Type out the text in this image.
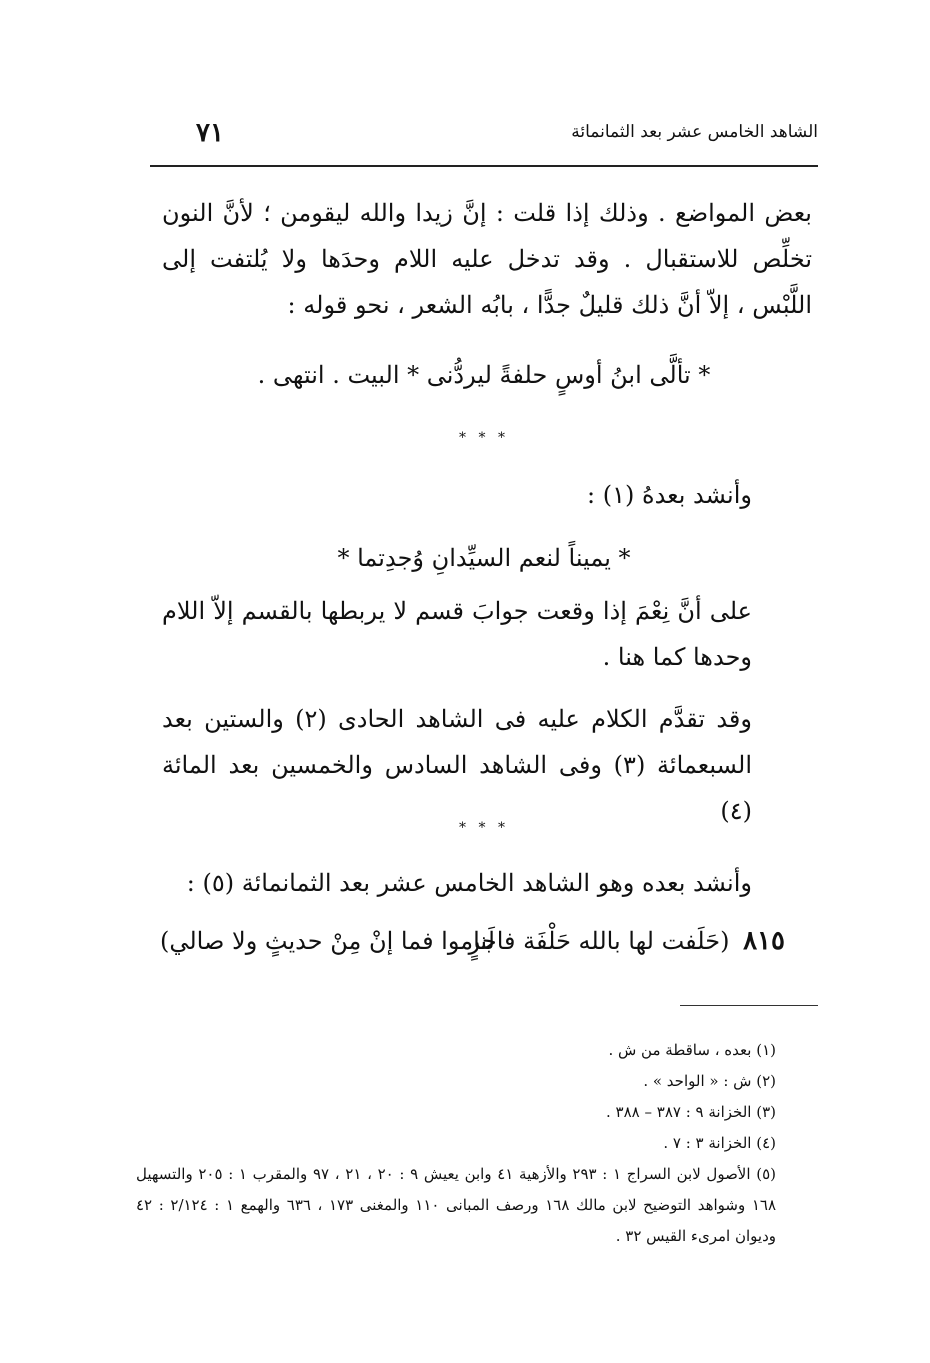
الشاهد الخامس عشر بعد الثمانمائة
٧١
بعض المواضع . وذلك إذا قلت : إنَّ زيدا والله ليقومن ؛ لأنَّ النون تخلِّص للاستقبال . وقد تدخل عليه اللام وحدَها ولا يُلتفت إلى اللَّبْس ، إلاّ أنَّ ذلك قليلٌ جدًّا ، بابُه الشعر ، نحو قوله :
* تألَّى ابنُ أوسٍ حلفةً ليردُّنى * البيت . انتهى .
* * *
وأنشد بعدهُ (١) :
* يميناً لنعم السيِّدانِ وُجدِتما *
على أنَّ نِعْمَ إذا وقعت جوابَ قسم لا يربطها بالقسم إلاّ اللام وحدها كما هنا .
وقد تقدَّم الكلام عليه فى الشاهد الحادى (٢) والستين بعد السبعمائة (٣) وفى الشاهد السادس والخمسين بعد المائة (٤)
* * *
وأنشد بعده وهو الشاهد الخامس عشر بعد الثمانمائة (٥) :
٨١٥ (حَلَفت لها بالله حَلْفَة فاجرٍ
لَناموا فما إنْ مِنْ حديثٍ ولا صالي)
(١) بعده ، ساقطة من ش .
(٢) ش : « الواحد » .
(٣) الخزانة ٩ : ٣٨٧ – ٣٨٨ .
(٤) الخزانة ٣ : ٧ .
(٥) الأصول لابن السراج ١ : ٢٩٣ والأزهية ٤١ وابن يعيش ٩ : ٢٠ ، ٢١ ، ٩٧ والمقرب ١ : ٢٠٥ والتسهيل ١٦٨ وشواهد التوضيح لابن مالك ١٦٨ ورصف المبانى ١١٠ والمغنى ١٧٣ ، ٦٣٦ والهمع ١ : ٢/١٢٤ : ٤٢ وديوان امرىء القيس ٣٢ .
